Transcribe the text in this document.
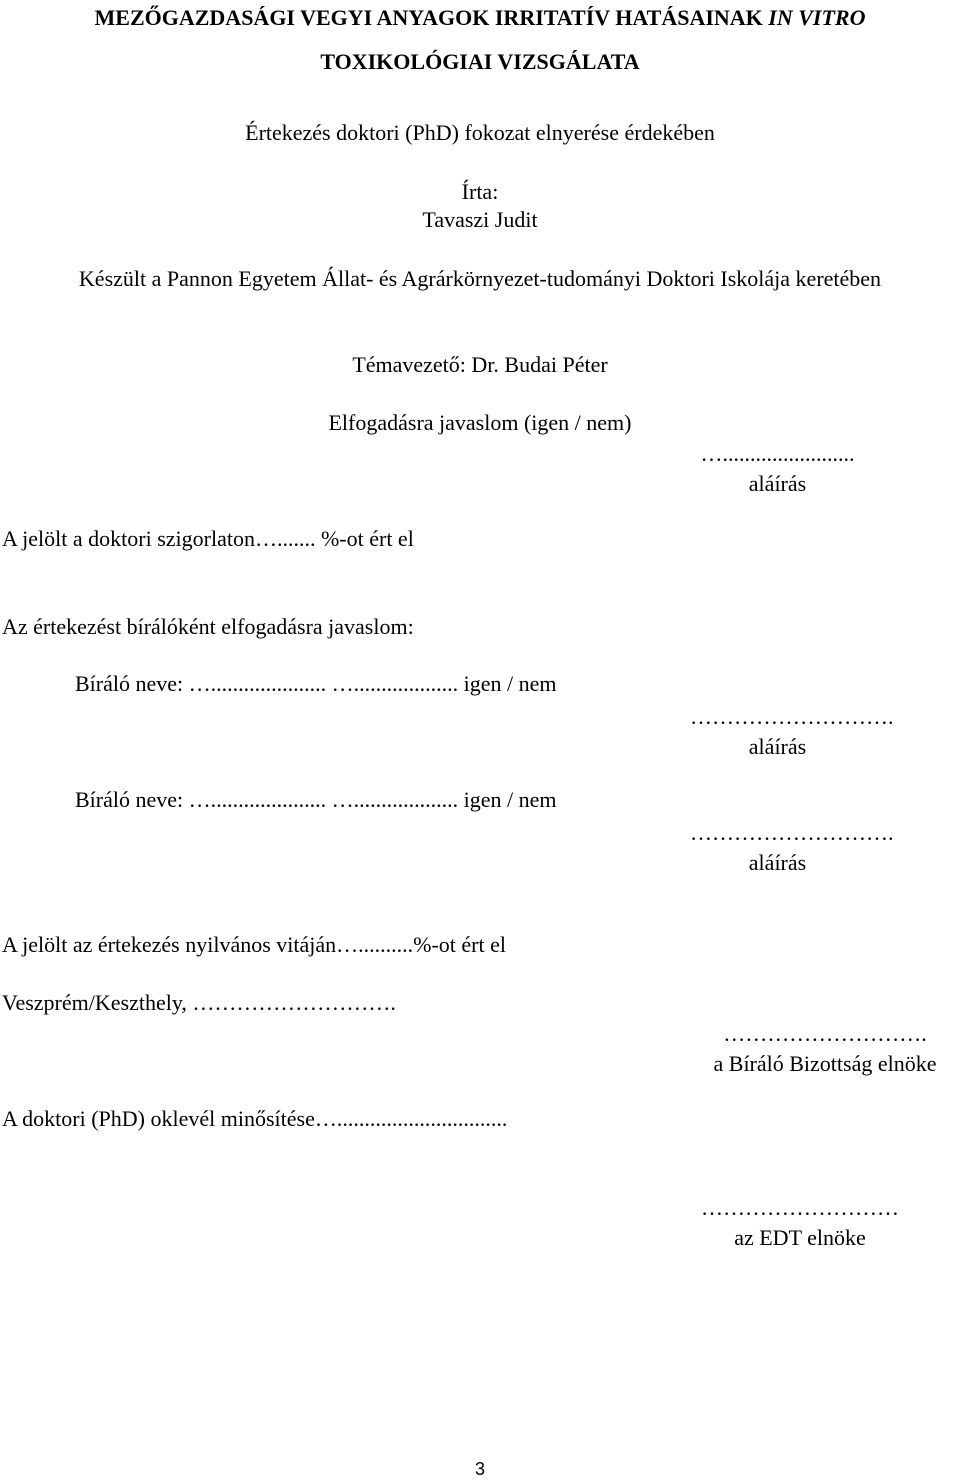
MEZŐGAZDASÁGI VEGYI ANYAGOK IRRITATÍV HATÁSAINAK IN VITRO
TOXIKOLÓGIAI VIZSGÁLATA
Értekezés doktori (PhD) fokozat elnyerése érdekében
Írta:
Tavaszi Judit
Készült a Pannon Egyetem Állat- és Agrárkörnyezet-tudományi Doktori Iskolája keretében
Témavezető: Dr. Budai Péter
Elfogadásra javaslom (igen / nem)
…........................
aláírás
A jelölt a doktori szigorlaton…....... %-ot ért el
Az értekezést bírálóként elfogadásra javaslom:
Bíráló neve: …..................... …................... igen / nem
……………………….
aláírás
Bíráló neve: …..................... …................... igen / nem
……………………….
aláírás
A jelölt az értekezés nyilvános vitáján…..........%-ot ért el
Veszprém/Keszthely, ……………………….
……………………….
a Bíráló Bizottság elnöke
A doktori (PhD) oklevél minősítése…...............................
………………………
az EDT elnöke
3
